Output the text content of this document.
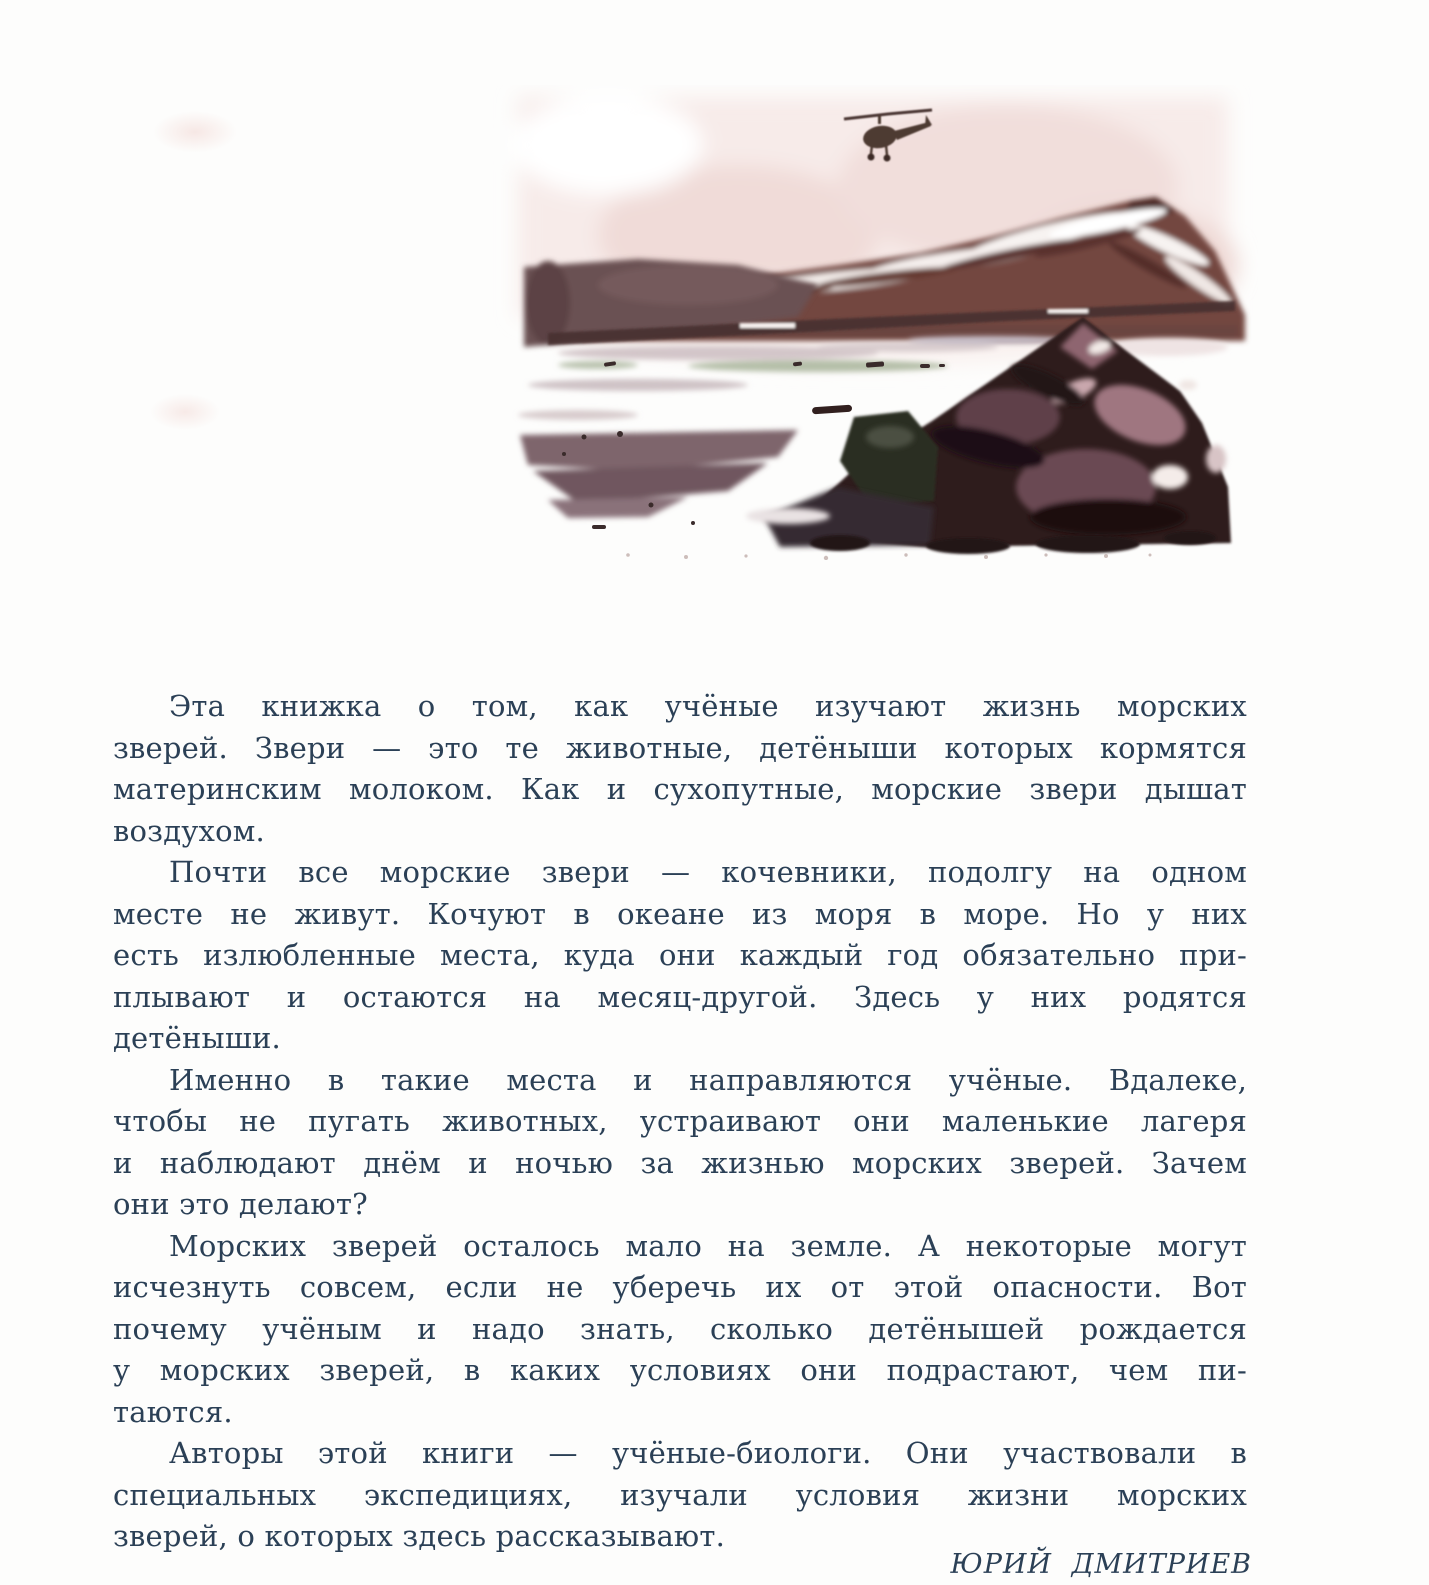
Эта книжка о том, как учёные изучают жизнь морских
зверей. Звери — это те животные, детёныши которых кормятся
материнским молоком. Как и сухопутные, морские звери дышат
воздухом.
Почти все морские звери — кочевники, подолгу на одном
месте не живут. Кочуют в океане из моря в море. Но у них
есть излюбленные места, куда они каждый год обязательно при-
плывают и остаются на месяц-другой. Здесь у них родятся
детёныши.
Именно в такие места и направляются учёные. Вдалеке,
чтобы не пугать животных, устраивают они маленькие лагеря
и наблюдают днём и ночью за жизнью морских зверей. Зачем
они это делают?
Морских зверей осталось мало на земле. А некоторые могут
исчезнуть совсем, если не уберечь их от этой опасности. Вот
почему учёным и надо знать, сколько детёнышей рождается
у морских зверей, в каких условиях они подрастают, чем пи-
таются.
Авторы этой книги — учёные-биологи. Они участвовали в
специальных экспедициях, изучали условия жизни морских
зверей, о которых здесь рассказывают.
ЮРИЙ ДМИТРИЕВ
